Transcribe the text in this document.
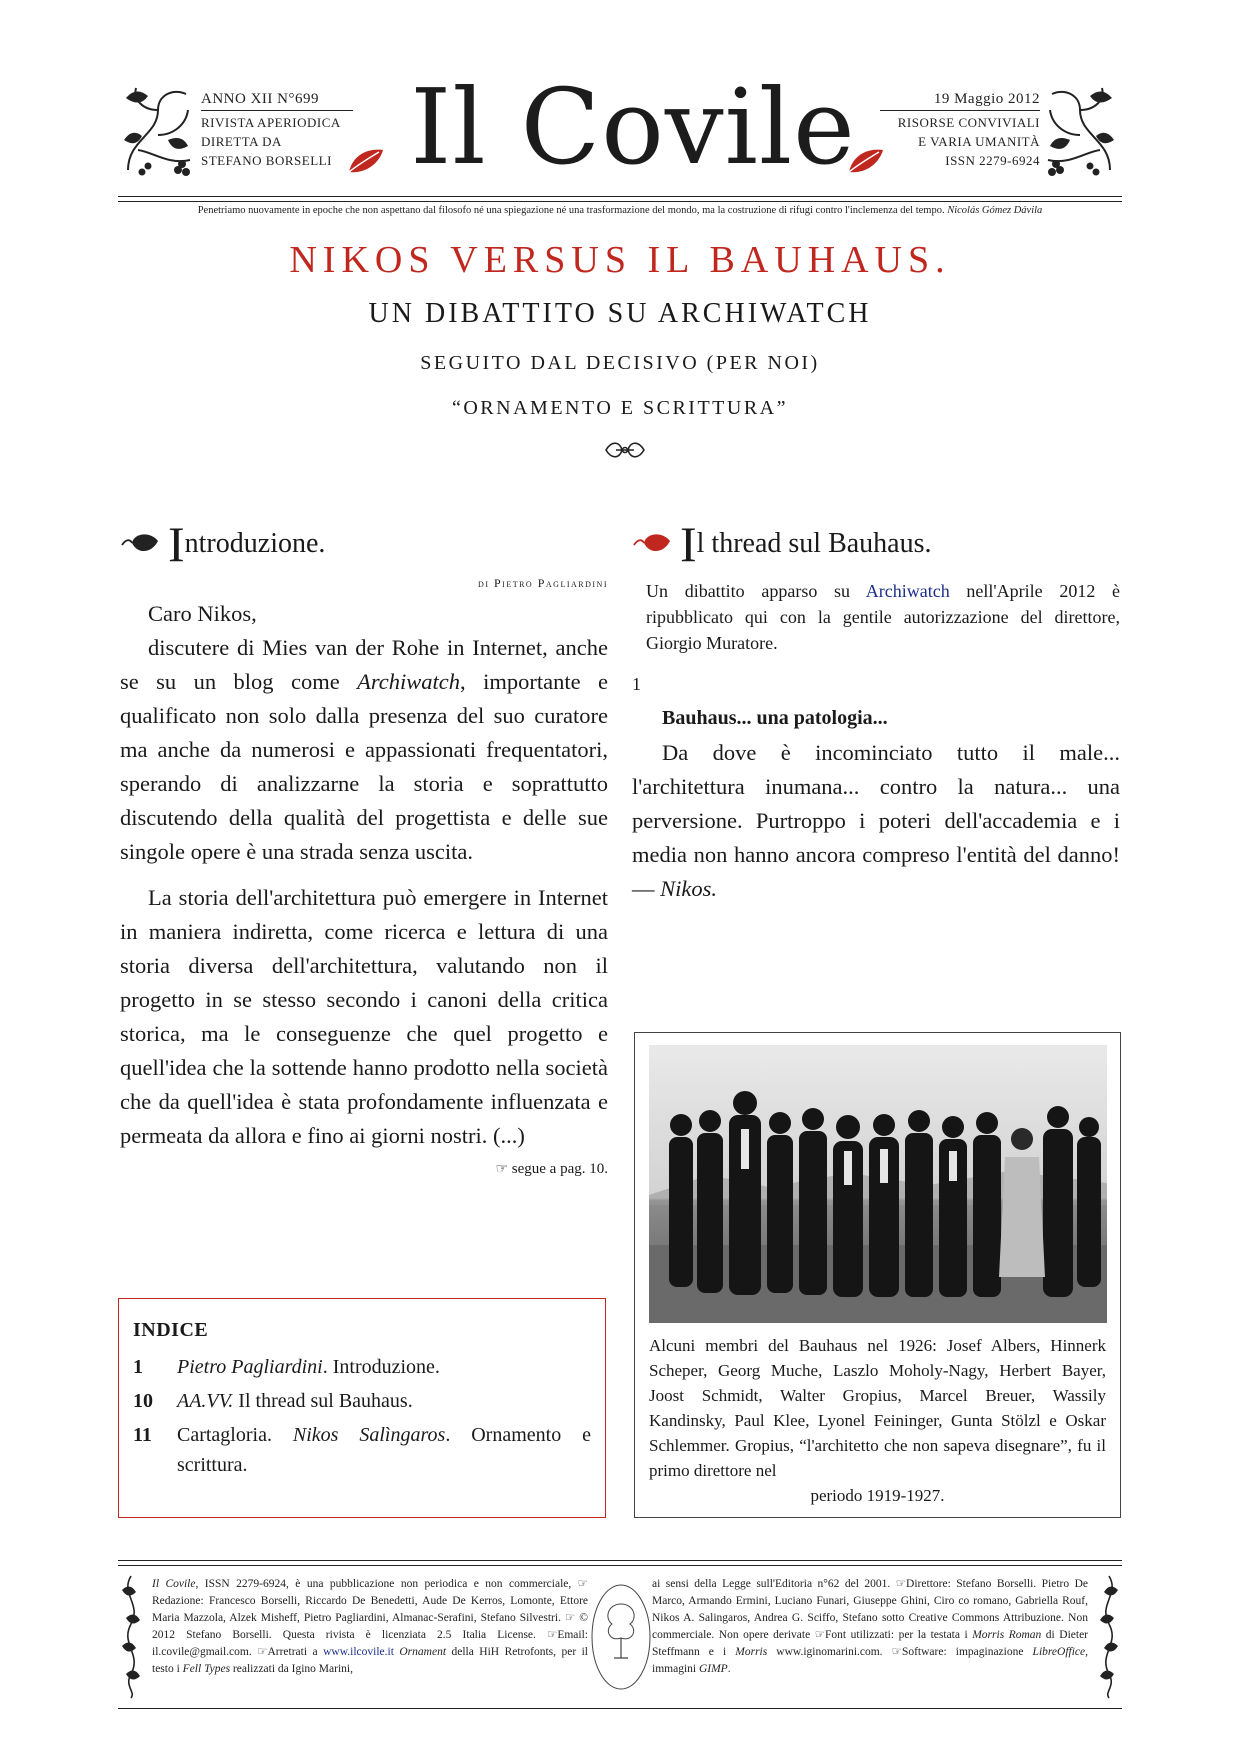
ANNO XII N°699
RIVISTA APERIODICA
DIRETTA DA
STEFANO BORSELLI Il Covile	19 Maggio 2012
RISORSE CONVIVIALI
E VARIA UMANITÀ
ISSN 2279-6924
Penetriamo nuovamente in epoche che non aspettano dal filosofo né una spiegazione né una trasformazione del mondo, ma la costruzione di rifugi contro l'inclemenza del tempo. Nicolás Gómez Dávila
NIKOS VERSUS IL BAUHAUS.
UN DIBATTITO SU ARCHIWATCH
SEGUITO DAL DECISIVO (PER NOI)
“ORNAMENTO E SCRITTURA”
I ntroduzione.
di Pietro Pagliardini

Caro Nikos,

discutere di Mies van der Rohe in Internet, anche se su un blog come Archiwatch, importante e qualificato non solo dalla presenza del suo curatore ma anche da numerosi e appassionati frequentatori, sperando di analizzarne la storia e soprattutto discutendo della qualità del progettista e delle sue singole opere è una strada senza uscita.

La storia dell'architettura può emergere in Internet in maniera indiretta, come ricerca e lettura di una storia diversa dell'architettura, valutando non il progetto in se stesso secondo i canoni della critica storica, ma le conseguenze che quel progetto e quell'idea che la sottende hanno prodotto nella società che da quell'idea è stata profondamente influenzata e permeata da allora e fino ai giorni nostri. (...)

☞ segue a pag. 10.
I l thread sul Bauhaus.
Un dibattito apparso su Archiwatch nell'Aprile 2012 è ripubblicato qui con la gentile autorizzazione del direttore, Giorgio Muratore.
1
Bauhaus... una patologia...
Da dove è incominciato tutto il male... l'architettura inumana... contro la natura... una perversione. Purtroppo i poteri dell'accademia e i media non hanno ancora compreso l'entità del danno! — Nikos.
INDICE
1	Pietro Pagliardini. Introduzione.
10	AA.VV. Il thread sul Bauhaus.
11	Cartagloria. Nikos Salìngaros. Ornamento e scrittura.
Alcuni membri del Bauhaus nel 1926: Josef Albers, Hinnerk Scheper, Georg Muche, Laszlo Moholy-Nagy, Herbert Bayer, Joost Schmidt, Walter Gropius, Marcel Breuer, Wassily Kandinsky, Paul Klee, Lyonel Feininger, Gunta Stölzl e Oskar Schlemmer. Gropius, “l'architetto che non sapeva disegnare”, fu il primo direttore nel
periodo 1919-1927.
Il Covile, ISSN 2279-6924, è una pubblicazione non periodica e non commerciale, ☞Redazione: Francesco Borselli, Riccardo De Benedetti, Aude De Kerros, Lomonte, Ettore Maria Mazzola, Alzek Misheff, Pietro Pagliardini, Almanac-Serafini, Stefano Silvestri. ☞ © 2012 Stefano Borselli. Questa rivista è licenziata 2.5 Italia License. ☞Email: il.covile@gmail.com. ☞Arretrati a www.ilcovile.it Ornament della HiH Retrofonts, per il testo i Fell Types realizzati da Igino Marini,
ai sensi della Legge sull'Editoria n°62 del 2001. ☞Direttore: Stefano Borselli. Pietro De Marco, Armando Ermini, Luciano Funari, Giuseppe Ghini, Ciro co romano, Gabriella Rouf, Nikos A. Salingaros, Andrea G. Sciffo, Stefano sotto Creative Commons Attribuzione. Non commerciale. Non opere derivate ☞Font utilizzati: per la testata i Morris Roman di Dieter Steffmann e i Morris www.iginomarini.com. ☞Software: impaginazione LibreOffice, immagini GIMP.
